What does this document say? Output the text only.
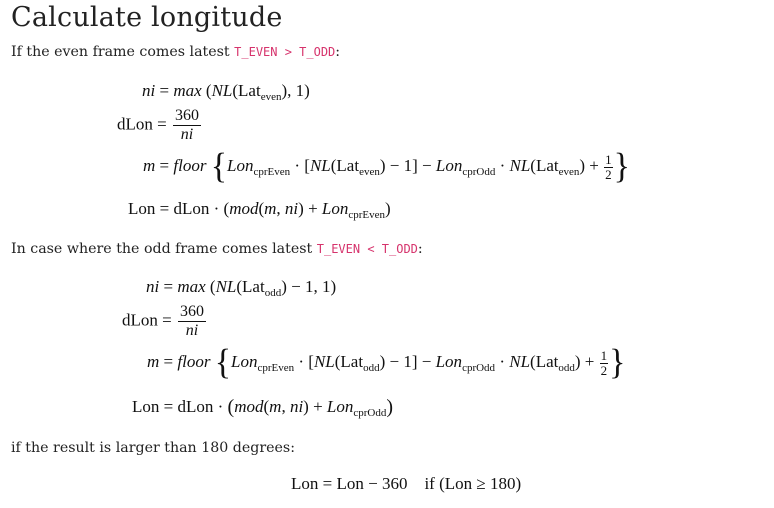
Calculate longitude
If the even frame comes latest T_EVEN > T_ODD:
ni = max (NL(Lat$_{even}$), 1)
dLon = $\frac{360}{ni}$
m = floor {$Lon_{cprEven} \cdot [NL(Lat_{even}) - 1] - Lon_{cprOdd} \cdot NL(Lat_{even}) + \frac{1}{2}$ }
Lon = dLon · (mod(m, ni) + Lon$_{cprEven}$)
In case where the odd frame comes latest T_EVEN < T_ODD:
ni = max (NL(Lat$_{odd}$) − 1, 1)
dLon = $\frac{360}{ni}$
m = floor {$Lon_{cprEven} \cdot [NL(Lat_{odd}) - 1] - Lon_{cprOdd} \cdot NL(Lat_{odd}) + \frac{1}{2}$ }
Lon = dLon · (mod(m, ni) + Lon$_{cprOdd}$)
if the result is larger than 180 degrees:
Lon = Lon − 360    if (Lon ≥ 180)
